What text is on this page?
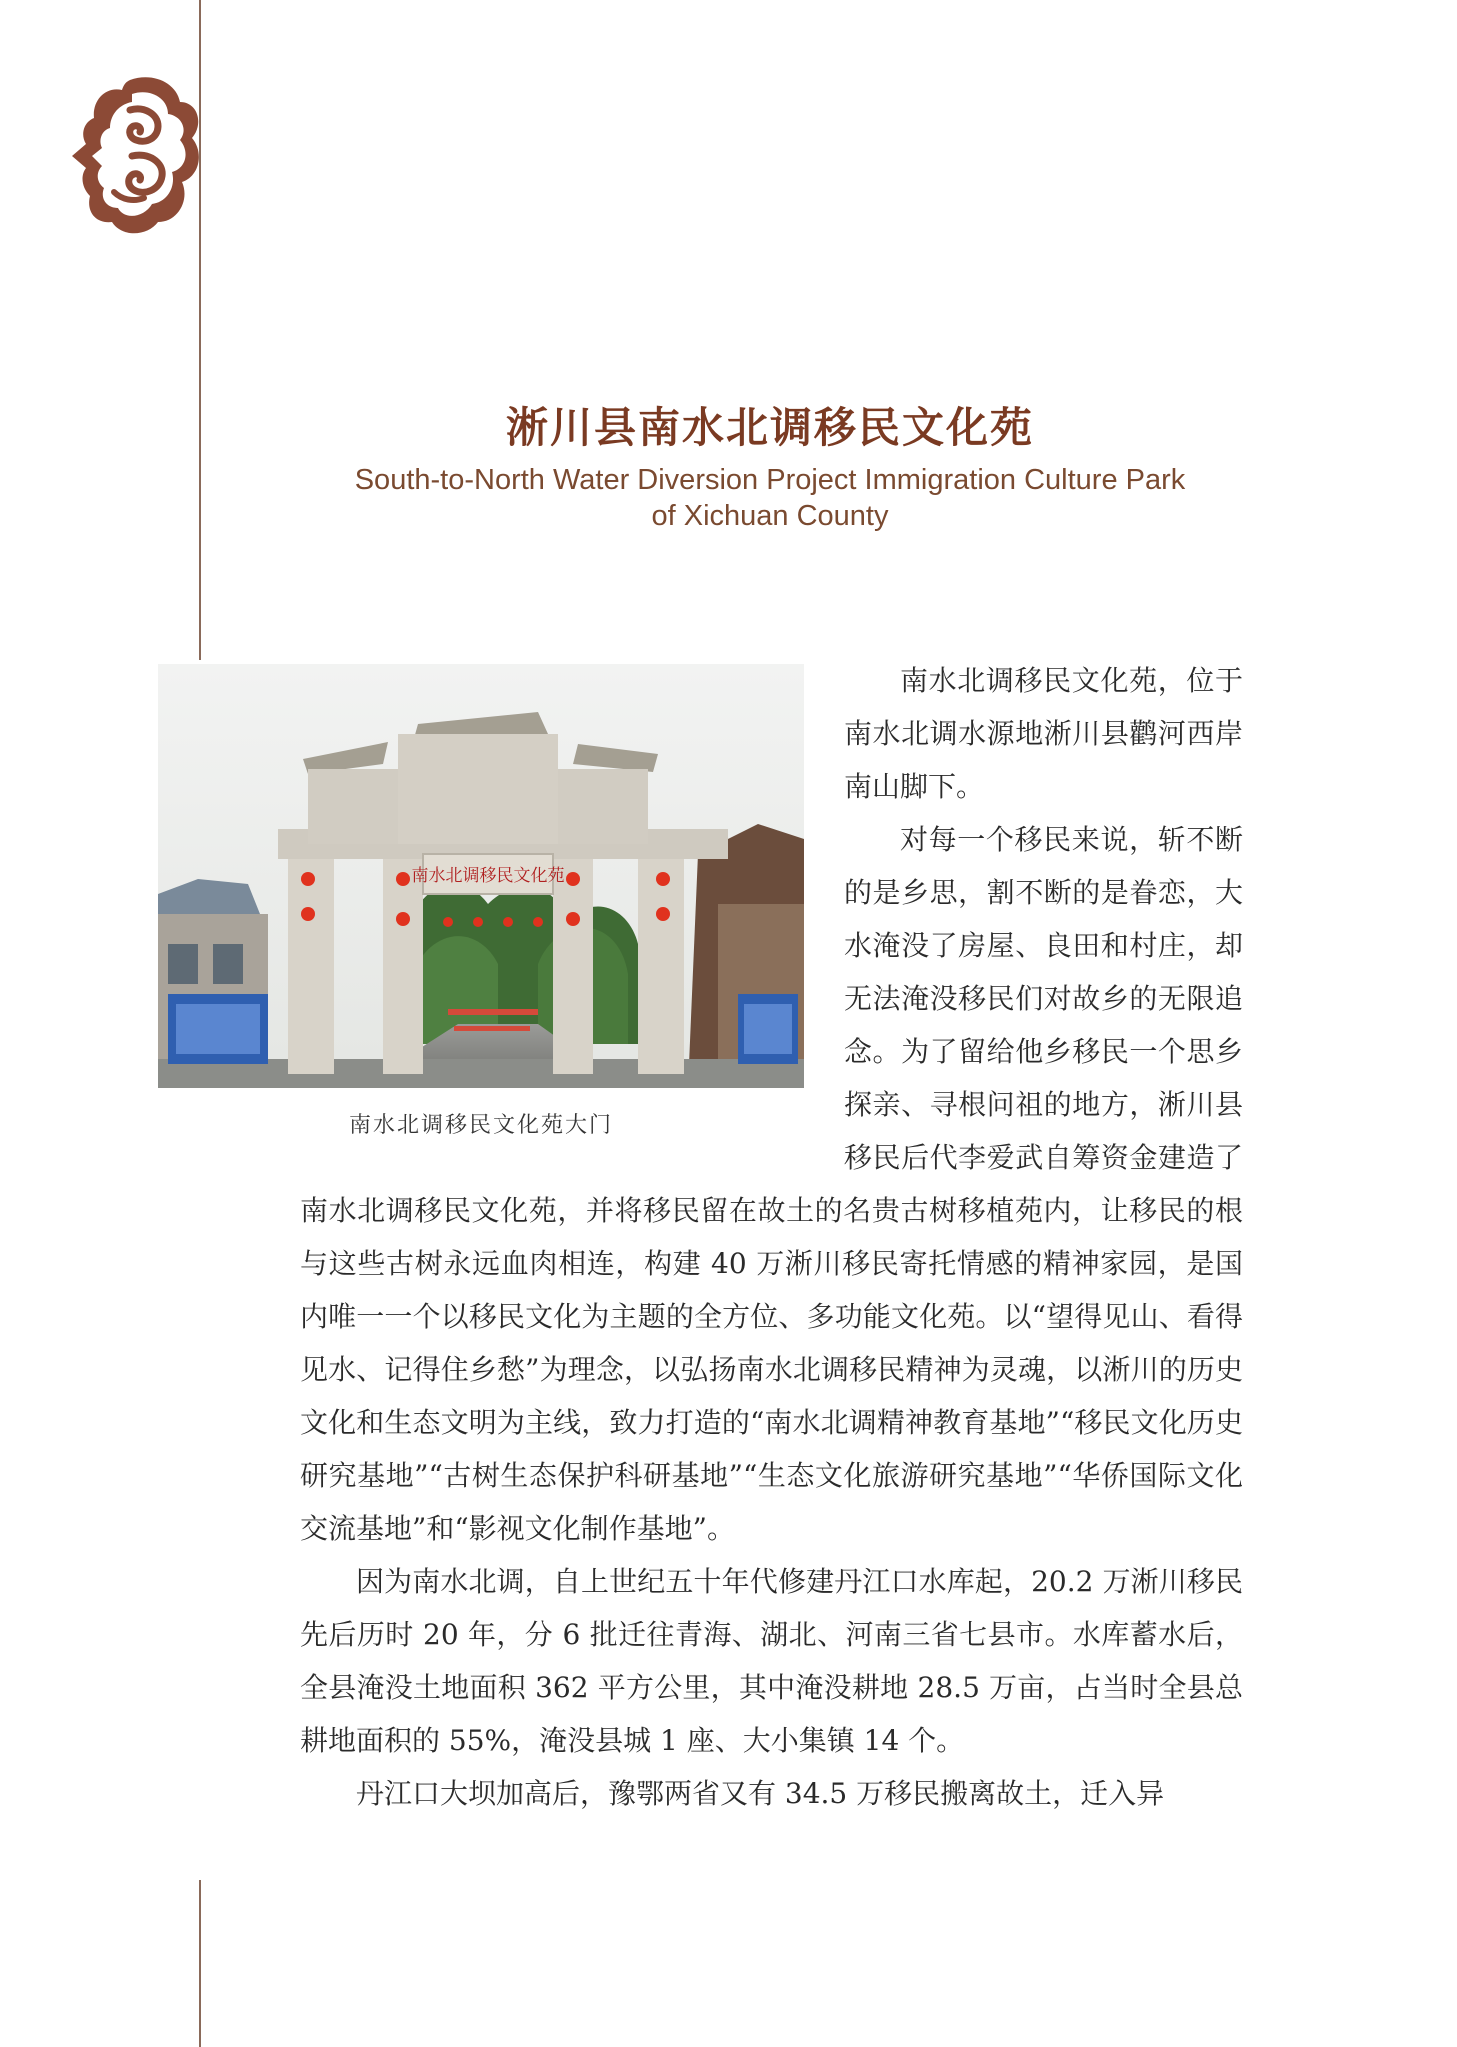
淅川县南水北调移民文化苑
South-to-North Water Diversion Project Immigration Culture Park
of Xichuan County
南水北调移民文化苑
南水北调移民文化苑大门

南水北调移民文化苑，位于南水北调水源地淅川县鹳河西岸南山脚下。

对每一个移民来说，斩不断的是乡思，割不断的是眷恋，大水淹没了房屋、良田和村庄，却无法淹没移民们对故乡的无限追念。为了留给他乡移民一个思乡探亲、寻根问祖的地方，淅川县移民后代李爱武自筹资金建造了南水北调移民文化苑，并将移民留在故土的名贵古树移植苑内，让移民的根与这些古树永远血肉相连，构建 40 万淅川移民寄托情感的精神家园，是国内唯一一个以移民文化为主题的全方位、多功能文化苑。以“望得见山、看得见水、记得住乡愁”为理念，以弘扬南水北调移民精神为灵魂，以淅川的历史文化和生态文明为主线，致力打造的“南水北调精神教育基地”“移民文化历史研究基地”“古树生态保护科研基地”“生态文化旅游研究基地”“华侨国际文化交流基地”和“影视文化制作基地”。

因为南水北调，自上世纪五十年代修建丹江口水库起，20.2 万淅川移民先后历时 20 年，分 6 批迁往青海、湖北、河南三省七县市。水库蓄水后，全县淹没土地面积 362 平方公里，其中淹没耕地 28.5 万亩，占当时全县总耕地面积的 55%，淹没县城 1 座、大小集镇 14 个。

丹江口大坝加高后，豫鄂两省又有 34.5 万移民搬离故土，迁入异
